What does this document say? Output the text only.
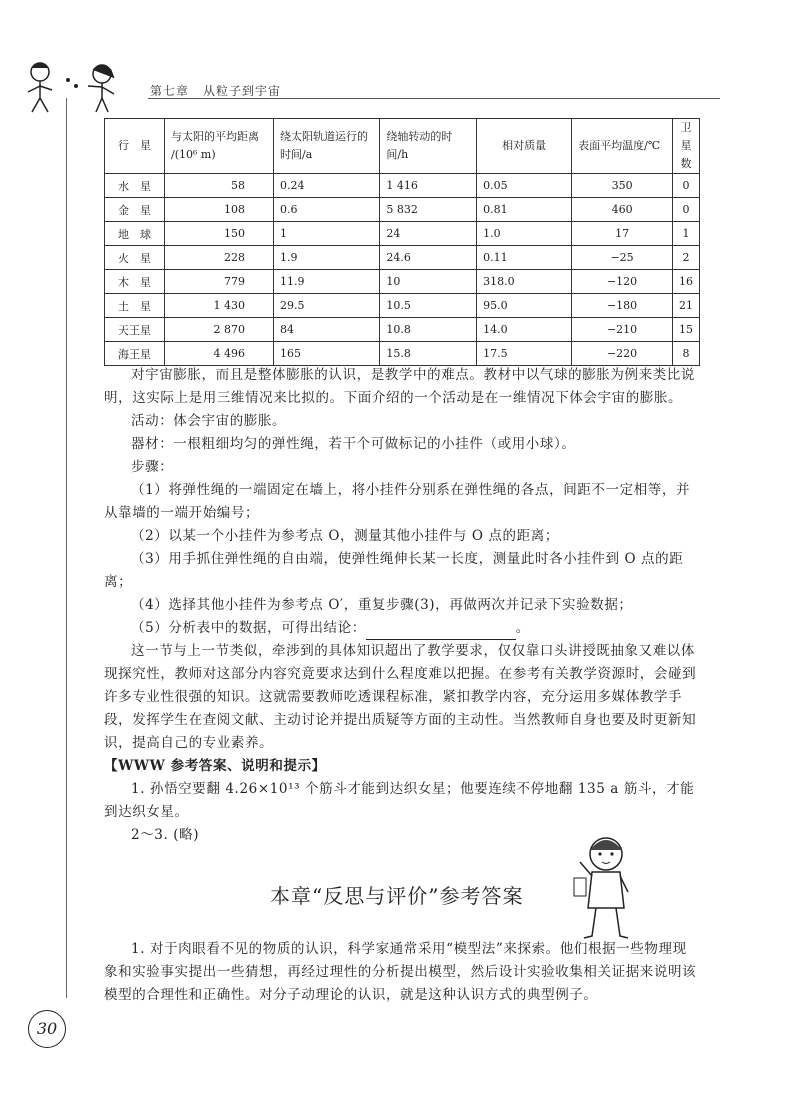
第七章 从粒子到宇宙
行　星	与太阳的平均距离 /(10⁶ m)	绕太阳轨道运行的时间/a	绕轴转动的时间/h	相对质量	表面平均温度/℃	卫星数
水　星	58	0.24	1 416	0.05	350	0
金　星	108	0.6	5 832	0.81	460	0
地　球	150	1	24	1.0	17	1
火　星	228	1.9	24.6	0.11	−25	2
木　星	779	11.9	10	318.0	−120	16
土　星	1 430	29.5	10.5	95.0	−180	21
天王星	2 870	84	10.8	14.0	−210	15
海王星	4 496	165	15.8	17.5	−220	8

对宇宙膨胀，而且是整体膨胀的认识，是教学中的难点。教材中以气球的膨胀为例来类比说明，这实际上是用三维情况来比拟的。下面介绍的一个活动是在一维情况下体会宇宙的膨胀。

活动：体会宇宙的膨胀。

器材：一根粗细均匀的弹性绳，若干个可做标记的小挂件（或用小球）。

步骤：

（1）将弹性绳的一端固定在墙上，将小挂件分别系在弹性绳的各点，间距不一定相等，并从靠墙的一端开始编号；

（2）以某一个小挂件为参考点 O，测量其他小挂件与 O 点的距离；

（3）用手抓住弹性绳的自由端，使弹性绳伸长某一长度，测量此时各小挂件到 O 点的距离；

（4）选择其他小挂件为参考点 O′，重复步骤(3)，再做两次并记录下实验数据；

（5）分析表中的数据，可得出结论：	。

这一节与上一节类似，牵涉到的具体知识超出了教学要求，仅仅靠口头讲授既抽象又难以体现探究性，教师对这部分内容究竟要求达到什么程度难以把握。在参考有关教学资源时，会碰到许多专业性很强的知识。这就需要教师吃透课程标准，紧扣教学内容，充分运用多媒体教学手段，发挥学生在查阅文献、主动讨论并提出质疑等方面的主动性。当然教师自身也要及时更新知识，提高自己的专业素养。

【WWW 参考答案、说明和提示】

1. 孙悟空要翻 4.26×10¹³ 个筋斗才能到达织女星；他要连续不停地翻 135 a 筋斗，才能到达织女星。

2～3. (略)

本章“反思与评价”参考答案

1. 对于肉眼看不见的物质的认识，科学家通常采用“模型法”来探索。他们根据一些物理现象和实验事实提出一些猜想，再经过理性的分析提出模型，然后设计实验收集相关证据来说明该模型的合理性和正确性。对分子动理论的认识，就是这种认识方式的典型例子。

30
